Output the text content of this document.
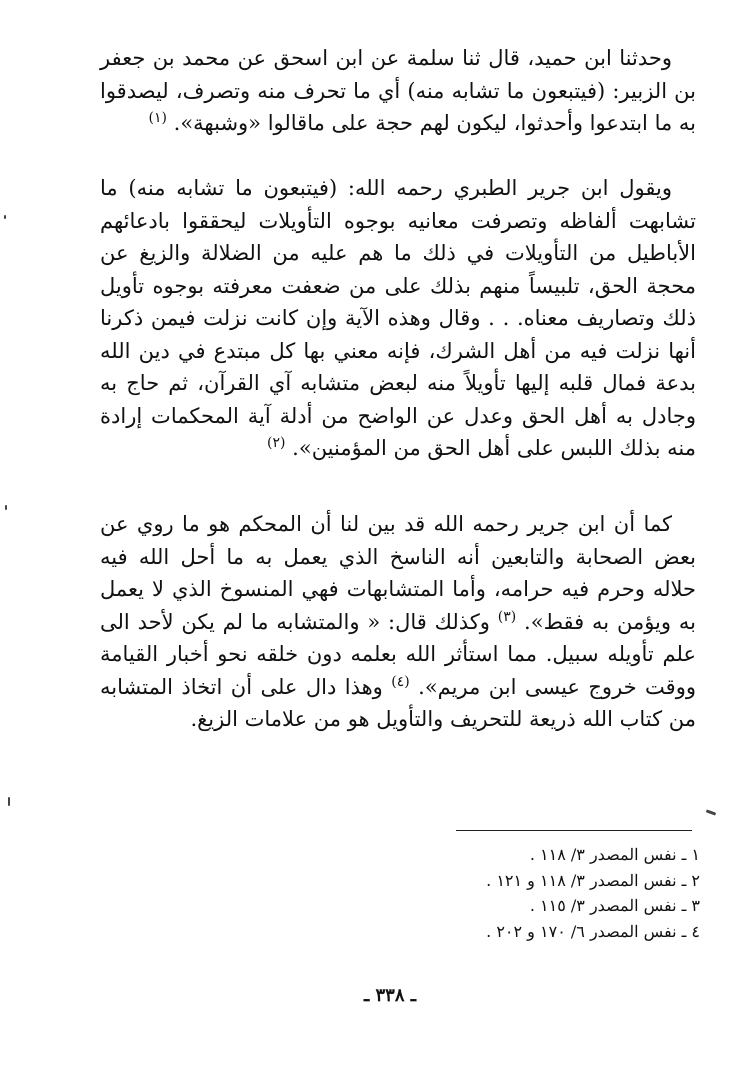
وحدثنا ابن حميد، قال ثنا سلمة عن ابن اسحق عن محمد بن جعفر بن الزبير: (فيتبعون ما تشابه منه) أي ما تحرف منه وتصرف، ليصدقوا به ما ابتدعوا وأحدثوا، ليكون لهم حجة على ماقالوا «وشبهة». $^{(١)}$

ويقول ابن جرير الطبري رحمه الله: (فيتبعون ما تشابه منه) ما تشابهت ألفاظه وتصرفت معانيه بوجوه التأويلات ليحققوا بادعائهم الأباطيل من التأويلات في ذلك ما هم عليه من الضلالة والزيغ عن محجة الحق، تلبيساً منهم بذلك على من ضعفت معرفته بوجوه تأويل ذلك وتصاريف معناه. . . وقال وهذه الآية وإن كانت نزلت فيمن ذكرنا أنها نزلت فيه من أهل الشرك، فإنه معني بها كل مبتدع في دين الله بدعة فمال قلبه إليها تأويلاً منه لبعض متشابه آي القرآن، ثم حاج به وجادل به أهل الحق وعدل عن الواضح من أدلة آية المحكمات إرادة منه بذلك اللبس على أهل الحق من المؤمنين». $^{(٢)}$

كما أن ابن جرير رحمه الله قد بين لنا أن المحكم هو ما روي عن بعض الصحابة والتابعين أنه الناسخ الذي يعمل به ما أحل الله فيه حلاله وحرم فيه حرامه، وأما المتشابهات فهي المنسوخ الذي لا يعمل به ويؤمن به فقط». $^{(٣)}$ وكذلك قال: « والمتشابه ما لم يكن لأحد الى علم تأويله سبيل. مما استأثر الله بعلمه دون خلقه نحو أخبار القيامة ووقت خروج عيسى ابن مريم». $^{(٤)}$ وهذا دال على أن اتخاذ المتشابه من كتاب الله ذريعة للتحريف والتأويل هو من علامات الزيغ.

١ ـ نفس المصدر ٣/ ١١٨ .
٢ ـ نفس المصدر ٣/ ١١٨ و ١٢١ .
٣ ـ نفس المصدر ٣/ ١١٥ .
٤ ـ نفس المصدر ٦/ ١٧٠ و ٢٠٢ .
ـ ٣٣٨ ـ
